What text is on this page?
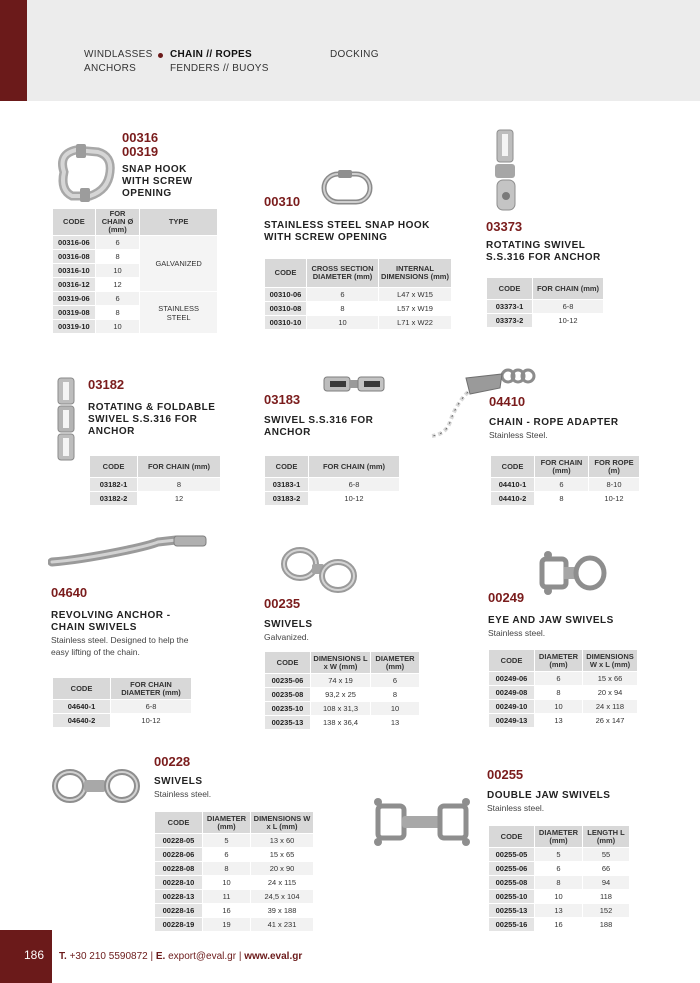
WINDLASSES CHAIN // ROPES	DOCKING
ANCHORS	FENDERS // BUOYS
00316
00319
SNAP HOOK
WITH SCREW
OPENING
CODE	FOR CHAIN Ø (mm)	TYPE
00316-06	6	GALVANIZED
00316-08	8	
00316-10	10	
00316-12	12	
00319-06	6	STAINLESS STEEL
00319-08	8	
00319-10	10	
00310
STAINLESS STEEL SNAP HOOK
WITH SCREW OPENING
CODE	CROSS SECTION DIAMETER (mm)	INTERNAL DIMENSIONS (mm)
00310-06	6	L47 x W15
00310-08	8	L57 x W19
00310-10	10	L71 x W22
03373
ROTATING SWIVEL
S.S.316 FOR ANCHOR
CODE	FOR CHAIN (mm)
03373-1	6-8
03373-2	10-12
03182
ROTATING & FOLDABLE
SWIVEL S.S.316 FOR
ANCHOR
CODE	FOR CHAIN (mm)
03182-1	8
03182-2	12
03183
SWIVEL S.S.316 FOR
ANCHOR
CODE	FOR CHAIN (mm)
03183-1	6-8
03183-2	10-12
04410
CHAIN - ROPE ADAPTER
Stainless Steel.
CODE	FOR CHAIN (mm)	FOR ROPE (m)
04410-1	6	8-10
04410-2	8	10-12
04640
REVOLVING ANCHOR -
CHAIN SWIVELS
Stainless steel. Designed to help the
easy lifting of the chain.
CODE	FOR CHAIN DIAMETER (mm)
04640-1	6-8
04640-2	10-12
00235
SWIVELS
Galvanized.
CODE	DIMENSIONS L x W (mm)	DIAMETER (mm)
00235-06	74 x 19	6
00235-08	93,2 x 25	8
00235-10	108 x 31,3	10
00235-13	138 x 36,4	13
00249
EYE AND JAW SWIVELS
Stainless steel.
CODE	DIAMETER (mm)	DIMENSIONS W x L (mm)
00249-06	6	15 x 66
00249-08	8	20 x 94
00249-10	10	24 x 118
00249-13	13	26 x 147
00228
SWIVELS
Stainless steel.
CODE	DIAMETER (mm)	DIMENSIONS W x L (mm)
00228-05	5	13 x 60
00228-06	6	15 x 65
00228-08	8	20 x 90
00228-10	10	24 x 115
00228-13	11	24,5 x 104
00228-16	16	39 x 188
00228-19	19	41 x 231
00255
DOUBLE JAW SWIVELS
Stainless steel.
CODE	DIAMETER (mm)	LENGTH L (mm)
00255-05	5	55
00255-06	6	66
00255-08	8	94
00255-10	10	118
00255-13	13	152
00255-16	16	188
186 T. +30 210 5590872 | E. export@eval.gr | www.eval.gr
